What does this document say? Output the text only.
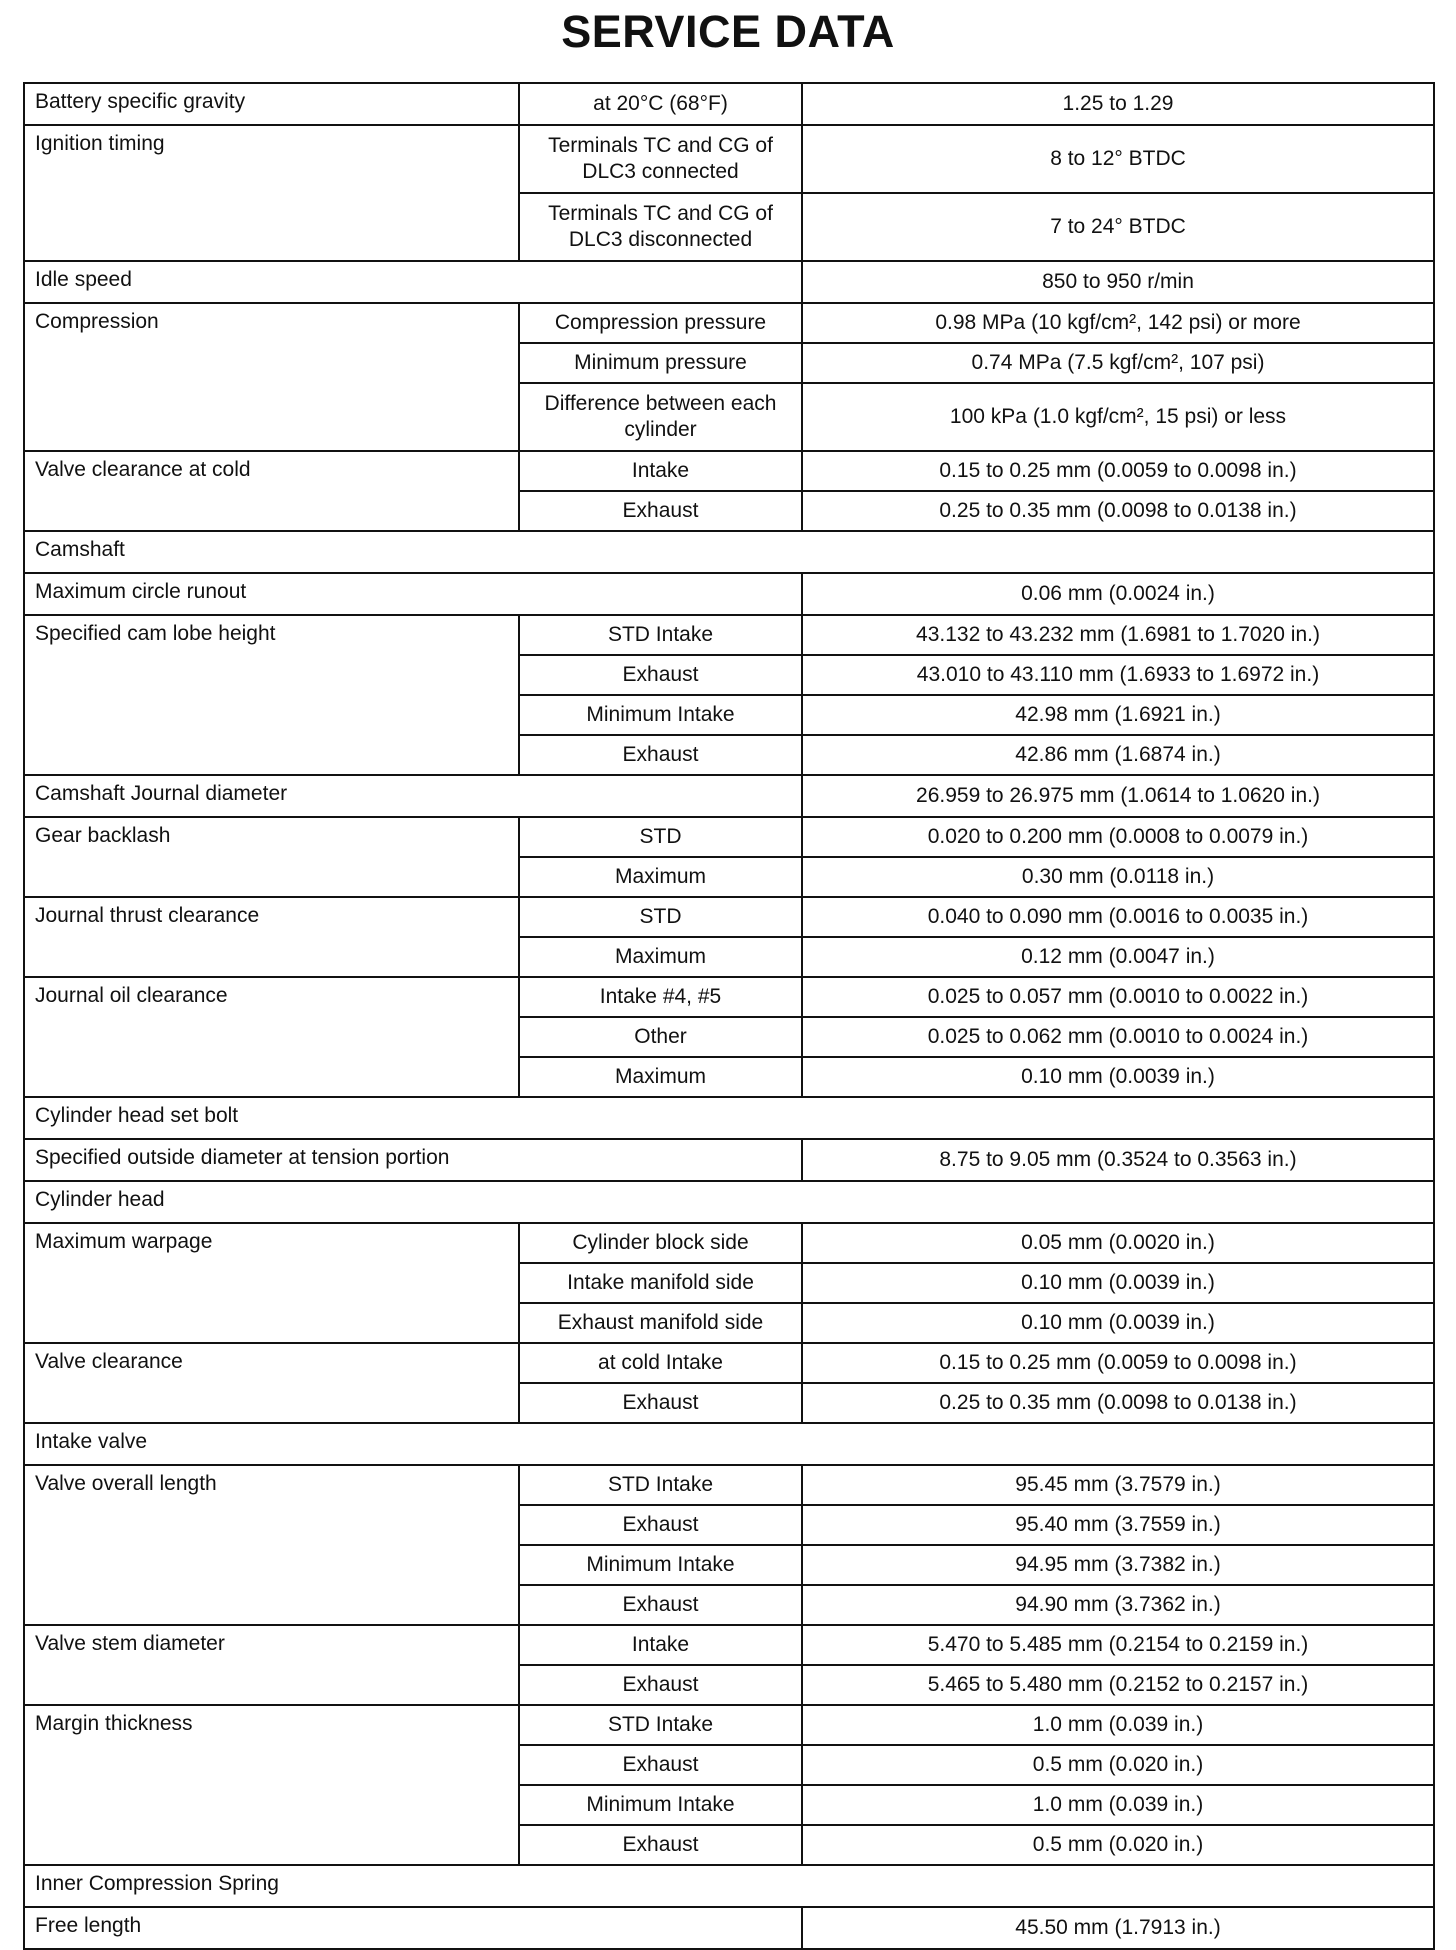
SERVICE DATA
Battery specific gravity	at 20°C (68°F)	1.25 to 1.29
Ignition timing	Terminals TC and CG of DLC3 connected	8 to 12° BTDC
	Terminals TC and CG of DLC3 disconnected	7 to 24° BTDC
Idle speed		850 to 950 r/min
Compression	Compression pressure	0.98 MPa (10 kgf/cm², 142 psi) or more
	Minimum pressure	0.74 MPa (7.5 kgf/cm², 107 psi)
	Difference between each cylinder	100 kPa (1.0 kgf/cm², 15 psi) or less
Valve clearance at cold	Intake	0.15 to 0.25 mm (0.0059 to 0.0098 in.)
	Exhaust	0.25 to 0.35 mm (0.0098 to 0.0138 in.)
Camshaft		
Maximum circle runout		0.06 mm (0.0024 in.)
Specified cam lobe height	STD Intake	43.132 to 43.232 mm (1.6981 to 1.7020 in.)
	Exhaust	43.010 to 43.110 mm (1.6933 to 1.6972 in.)
	Minimum Intake	42.98 mm (1.6921 in.)
	Exhaust	42.86 mm (1.6874 in.)
Camshaft Journal diameter		26.959 to 26.975 mm (1.0614 to 1.0620 in.)
Gear backlash	STD	0.020 to 0.200 mm (0.0008 to 0.0079 in.)
	Maximum	0.30 mm (0.0118 in.)
Journal thrust clearance	STD	0.040 to 0.090 mm (0.0016 to 0.0035 in.)
	Maximum	0.12 mm (0.0047 in.)
Journal oil clearance	Intake #4, #5	0.025 to 0.057 mm (0.0010 to 0.0022 in.)
	Other	0.025 to 0.062 mm (0.0010 to 0.0024 in.)
	Maximum	0.10 mm (0.0039 in.)
Cylinder head set bolt		
Specified outside diameter at tension portion		8.75 to 9.05 mm (0.3524 to 0.3563 in.)
Cylinder head		
Maximum warpage	Cylinder block side	0.05 mm (0.0020 in.)
	Intake manifold side	0.10 mm (0.0039 in.)
	Exhaust manifold side	0.10 mm (0.0039 in.)
Valve clearance	at cold Intake	0.15 to 0.25 mm (0.0059 to 0.0098 in.)
	Exhaust	0.25 to 0.35 mm (0.0098 to 0.0138 in.)
Intake valve		
Valve overall length	STD Intake	95.45 mm (3.7579 in.)
	Exhaust	95.40 mm (3.7559 in.)
	Minimum Intake	94.95 mm (3.7382 in.)
	Exhaust	94.90 mm (3.7362 in.)
Valve stem diameter	Intake	5.470 to 5.485 mm (0.2154 to 0.2159 in.)
	Exhaust	5.465 to 5.480 mm (0.2152 to 0.2157 in.)
Margin thickness	STD Intake	1.0 mm (0.039 in.)
	Exhaust	0.5 mm (0.020 in.)
	Minimum Intake	1.0 mm (0.039 in.)
	Exhaust	0.5 mm (0.020 in.)
Inner Compression Spring		
Free length		45.50 mm (1.7913 in.)
